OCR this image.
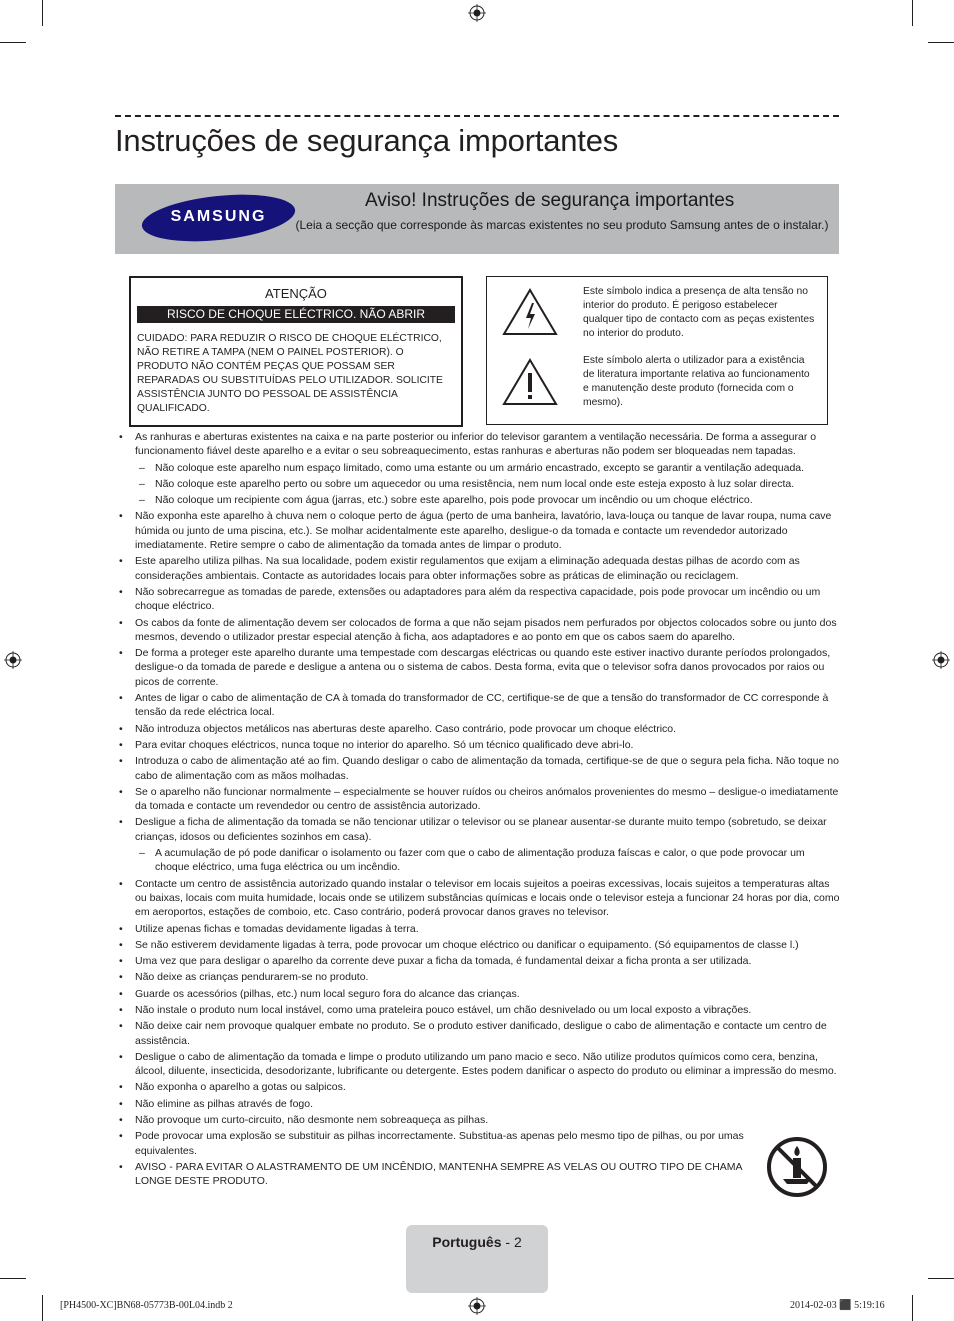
Instruções de segurança importantes
SAMSUNG
Aviso! Instruções de segurança importantes
(Leia a secção que corresponde às marcas existentes no seu produto Samsung antes de o instalar.)
ATENÇÃO
RISCO DE CHOQUE ELÉCTRICO. NÃO ABRIR
CUIDADO: PARA REDUZIR O RISCO DE CHOQUE ELÉCTRICO, NÃO RETIRE A TAMPA (NEM O PAINEL POSTERIOR). O PRODUTO NÃO CONTÉM PEÇAS QUE POSSAM SER REPARADAS OU SUBSTITUÍDAS PELO UTILIZADOR. SOLICITE ASSISTÊNCIA JUNTO DO PESSOAL DE ASSISTÊNCIA QUALIFICADO.
Este símbolo indica a presença de alta tensão no interior do produto. É perigoso estabelecer qualquer tipo de contacto com as peças existentes no interior do produto.
Este símbolo alerta o utilizador para a existência de literatura importante relativa ao funcionamento e manutenção deste produto (fornecida com o mesmo).
• As ranhuras e aberturas existentes na caixa e na parte posterior ou inferior do televisor garantem a ventilação necessária. De forma a assegurar o funcionamento fiável deste aparelho e a evitar o seu sobreaquecimento, estas ranhuras e aberturas não podem ser bloqueadas nem tapadas.
– Não coloque este aparelho num espaço limitado, como uma estante ou um armário encastrado, excepto se garantir a ventilação adequada.
– Não coloque este aparelho perto ou sobre um aquecedor ou uma resistência, nem num local onde este esteja exposto à luz solar directa.
– Não coloque um recipiente com água (jarras, etc.) sobre este aparelho, pois pode provocar um incêndio ou um choque eléctrico.
• Não exponha este aparelho à chuva nem o coloque perto de água (perto de uma banheira, lavatório, lava-louça ou tanque de lavar roupa, numa cave húmida ou junto de uma piscina, etc.). Se molhar acidentalmente este aparelho, desligue-o da tomada e contacte um revendedor autorizado imediatamente. Retire sempre o cabo de alimentação da tomada antes de limpar o produto.
• Este aparelho utiliza pilhas. Na sua localidade, podem existir regulamentos que exijam a eliminação adequada destas pilhas de acordo com as considerações ambientais. Contacte as autoridades locais para obter informações sobre as práticas de eliminação ou reciclagem.
• Não sobrecarregue as tomadas de parede, extensões ou adaptadores para além da respectiva capacidade, pois pode provocar um incêndio ou um choque eléctrico.
• Os cabos da fonte de alimentação devem ser colocados de forma a que não sejam pisados nem perfurados por objectos colocados sobre ou junto dos mesmos, devendo o utilizador prestar especial atenção à ficha, aos adaptadores e ao ponto em que os cabos saem do aparelho.
• De forma a proteger este aparelho durante uma tempestade com descargas eléctricas ou quando este estiver inactivo durante períodos prolongados, desligue-o da tomada de parede e desligue a antena ou o sistema de cabos. Desta forma, evita que o televisor sofra danos provocados por raios ou picos de corrente.
• Antes de ligar o cabo de alimentação de CA à tomada do transformador de CC, certifique-se de que a tensão do transformador de CC corresponde à tensão da rede eléctrica local.
• Não introduza objectos metálicos nas aberturas deste aparelho. Caso contrário, pode provocar um choque eléctrico.
• Para evitar choques eléctricos, nunca toque no interior do aparelho. Só um técnico qualificado deve abri-lo.
• Introduza o cabo de alimentação até ao fim. Quando desligar o cabo de alimentação da tomada, certifique-se de que o segura pela ficha. Não toque no cabo de alimentação com as mãos molhadas.
• Se o aparelho não funcionar normalmente – especialmente se houver ruídos ou cheiros anómalos provenientes do mesmo – desligue-o imediatamente da tomada e contacte um revendedor ou centro de assistência autorizado.
• Desligue a ficha de alimentação da tomada se não tencionar utilizar o televisor ou se planear ausentar-se durante muito tempo (sobretudo, se deixar crianças, idosos ou deficientes sozinhos em casa).
– A acumulação de pó pode danificar o isolamento ou fazer com que o cabo de alimentação produza faíscas e calor, o que pode provocar um choque eléctrico, uma fuga eléctrica ou um incêndio.
• Contacte um centro de assistência autorizado quando instalar o televisor em locais sujeitos a poeiras excessivas, locais sujeitos a temperaturas altas ou baixas, locais com muita humidade, locais onde se utilizem substâncias químicas e locais onde o televisor esteja a funcionar 24 horas por dia, como em aeroportos, estações de comboio, etc. Caso contrário, poderá provocar danos graves no televisor.
• Utilize apenas fichas e tomadas devidamente ligadas à terra.
• Se não estiverem devidamente ligadas à terra, pode provocar um choque eléctrico ou danificar o equipamento. (Só equipamentos de classe l.)
• Uma vez que para desligar o aparelho da corrente deve puxar a ficha da tomada, é fundamental deixar a ficha pronta a ser utilizada.
• Não deixe as crianças pendurarem-se no produto.
• Guarde os acessórios (pilhas, etc.) num local seguro fora do alcance das crianças.
• Não instale o produto num local instável, como uma prateleira pouco estável, um chão desnivelado ou um local exposto a vibrações.
• Não deixe cair nem provoque qualquer embate no produto. Se o produto estiver danificado, desligue o cabo de alimentação e contacte um centro de assistência.
• Desligue o cabo de alimentação da tomada e limpe o produto utilizando um pano macio e seco. Não utilize produtos químicos como cera, benzina, álcool, diluente, insecticida, desodorizante, lubrificante ou detergente. Estes podem danificar o aspecto do produto ou eliminar a impressão do mesmo.
• Não exponha o aparelho a gotas ou salpicos.
• Não elimine as pilhas através de fogo.
• Não provoque um curto-circuito, não desmonte nem sobreaqueça as pilhas.
• Pode provocar uma explosão se substituir as pilhas incorrectamente. Substitua-as apenas pelo mesmo tipo de pilhas, ou por umas equivalentes.
• AVISO - PARA EVITAR O ALASTRAMENTO DE UM INCÊNDIO, MANTENHA SEMPRE AS VELAS OU OUTRO TIPO DE CHAMA LONGE DESTE PRODUTO.
Português - 2
[PH4500-XC]BN68-05773B-00L04.indb 2	2014-02-03 ⬛ 5:19:16
